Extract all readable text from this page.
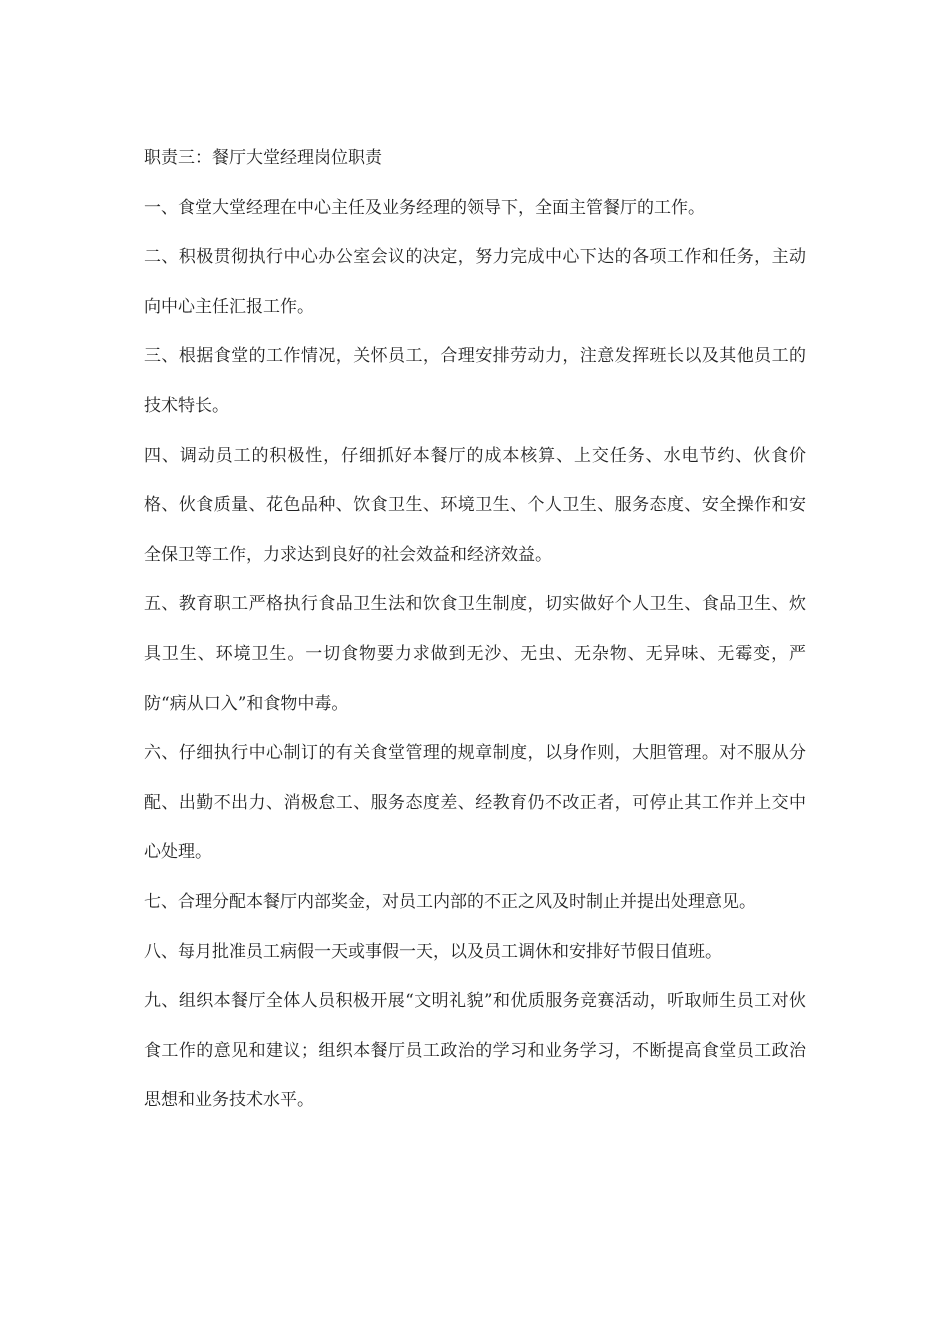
职责三：餐厅大堂经理岗位职责

一、食堂大堂经理在中心主任及业务经理的领导下，全面主管餐厅的工作。

二、积极贯彻执行中心办公室会议的决定，努力完成中心下达的各项工作和任务，主动向中心主任汇报工作。

三、根据食堂的工作情况，关怀员工，合理安排劳动力，注意发挥班长以及其他员工的技术特长。

四、调动员工的积极性，仔细抓好本餐厅的成本核算、上交任务、水电节约、伙食价格、伙食质量、花色品种、饮食卫生、环境卫生、个人卫生、服务态度、安全操作和安全保卫等工作，力求达到良好的社会效益和经济效益。

五、教育职工严格执行食品卫生法和饮食卫生制度，切实做好个人卫生、食品卫生、炊具卫生、环境卫生。一切食物要力求做到无沙、无虫、无杂物、无异味、无霉变，严防“病从口入”和食物中毒。

六、仔细执行中心制订的有关食堂管理的规章制度，以身作则，大胆管理。对不服从分配、出勤不出力、消极怠工、服务态度差、经教育仍不改正者，可停止其工作并上交中心处理。

七、合理分配本餐厅内部奖金，对员工内部的不正之风及时制止并提出处理意见。

八、每月批准员工病假一天或事假一天，以及员工调休和安排好节假日值班。

九、组织本餐厅全体人员积极开展“文明礼貌”和优质服务竞赛活动，听取师生员工对伙食工作的意见和建议；组织本餐厅员工政治的学习和业务学习，不断提高食堂员工政治思想和业务技术水平。
